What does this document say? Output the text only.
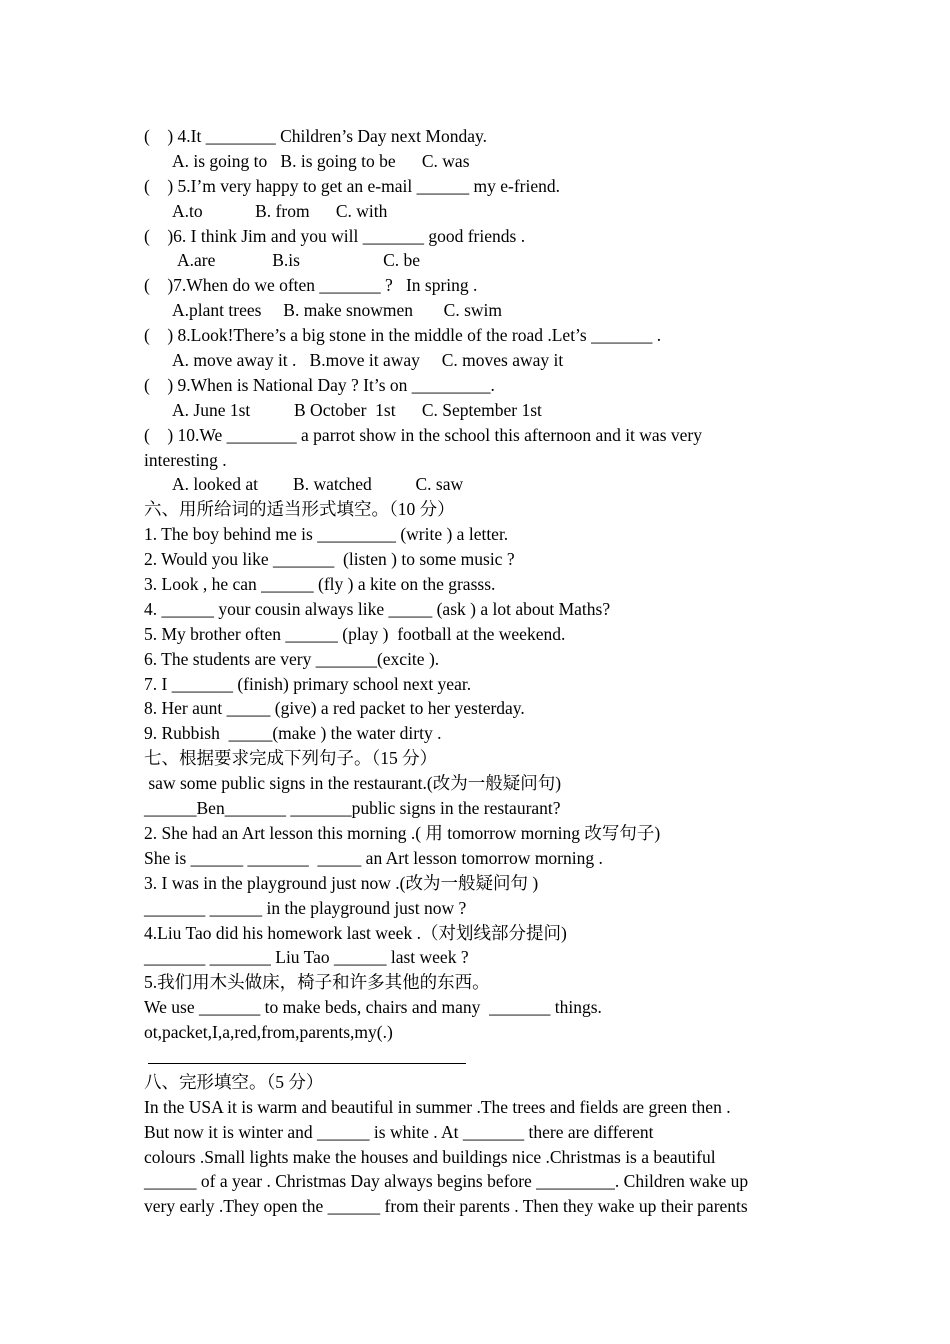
(    ) 4.It ________ Children’s Day next Monday.
A. is going to   B. is going to be      C. was
(    ) 5.I’m very happy to get an e-mail ______ my e-friend.
A.to            B. from      C. with
(    )6. I think Jim and you will _______ good friends .
A.are             B.is                   C. be
(    )7.When do we often _______ ?   In spring .
A.plant trees     B. make snowmen       C. swim
(    ) 8.Look!There’s a big stone in the middle of the road .Let’s _______ .
A. move away it .   B.move it away     C. moves away it
(    ) 9.When is National Day ? It’s on _________.
A. June 1st          B October  1st      C. September 1st
(    ) 10.We ________ a parrot show in the school this afternoon and it was very
interesting .
A. looked at        B. watched          C. saw
六、用所给词的适当形式填空。（10 分）
1. The boy behind me is _________ (write ) a letter.
2. Would you like _______  (listen ) to some music ?
3. Look , he can ______ (fly ) a kite on the grasss.
4. ______ your cousin always like _____ (ask ) a lot about Maths?
5. My brother often ______ (play )  football at the weekend.
6. The students are very _______(excite ).
7. I _______ (finish) primary school next year.
8. Her aunt _____ (give) a red packet to her yesterday.
9. Rubbish  _____(make ) the water dirty .
七、根据要求完成下列句子。（15 分）
saw some public signs in the restaurant.(改为一般疑问句)
______Ben_______ _______public signs in the restaurant?
2. She had an Art lesson this morning .( 用 tomorrow morning 改写句子)
She is ______ _______  _____ an Art lesson tomorrow morning .
3. I was in the playground just now .(改为一般疑问句 )
_______ ______ in the playground just now ?
4.Liu Tao did his homework last week .（对划线部分提问)
_______ _______ Liu Tao ______ last week ?
5.我们用木头做床，椅子和许多其他的东西。
We use _______ to make beds, chairs and many  _______ things.
ot,packet,I,a,red,from,parents,my(.)
八、完形填空。（5 分）
In the USA it is warm and beautiful in summer .The trees and fields are green then .
But now it is winter and ______ is white . At _______ there are different
colours .Small lights make the houses and buildings nice .Christmas is a beautiful
______ of a year . Christmas Day always begins before _________. Children wake up
very early .They open the ______ from their parents . Then they wake up their parents
